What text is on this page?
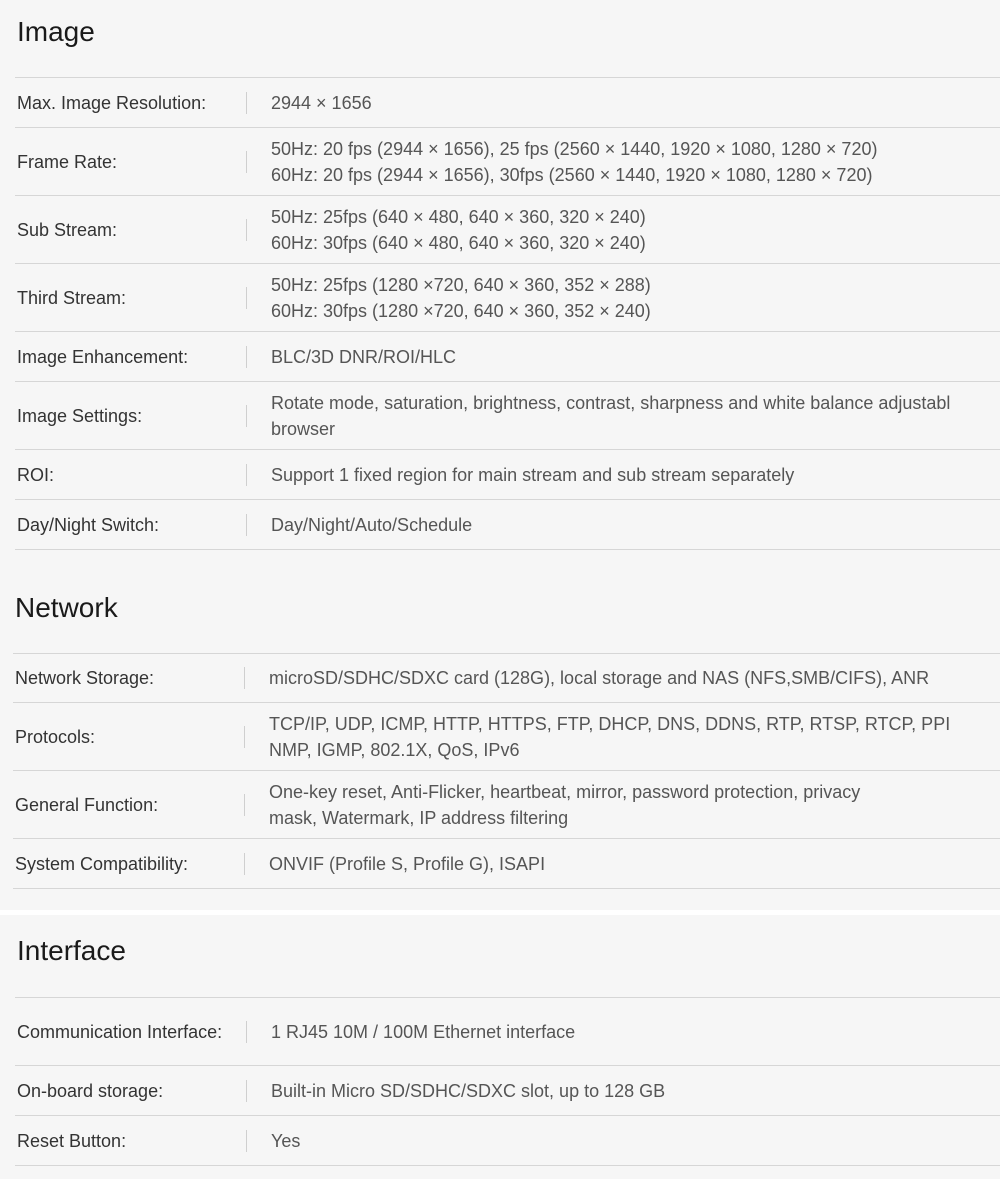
Image
Max. Image Resolution:	2944 × 1656
Frame Rate:
50Hz: 20 fps (2944 × 1656), 25 fps (2560 × 1440, 1920 × 1080, 1280 × 720)
60Hz: 20 fps (2944 × 1656), 30fps (2560 × 1440, 1920 × 1080, 1280 × 720)
Sub Stream:
50Hz: 25fps (640 × 480, 640 × 360, 320 × 240)
60Hz: 30fps (640 × 480, 640 × 360, 320 × 240)
Third Stream:
50Hz: 25fps (1280 ×720, 640 × 360, 352 × 288)
60Hz: 30fps (1280 ×720, 640 × 360, 352 × 240)
Image Enhancement:	BLC/3D DNR/ROI/HLC
Image Settings:
Rotate mode, saturation, brightness, contrast, sharpness and white balance adjustabl
browser
ROI:	Support 1 fixed region for main stream and sub stream separately
Day/Night Switch:	Day/Night/Auto/Schedule
Network
Network Storage:	microSD/SDHC/SDXC card (128G), local storage and NAS (NFS,SMB/CIFS), ANR
Protocols:
TCP/IP, UDP, ICMP, HTTP, HTTPS, FTP, DHCP, DNS, DDNS, RTP, RTSP, RTCP, PPI
NMP, IGMP, 802.1X, QoS, IPv6
General Function:
One-key reset, Anti-Flicker, heartbeat, mirror, password protection, privacy
mask, Watermark, IP address filtering
System Compatibility:	ONVIF (Profile S, Profile G), ISAPI
Interface
Communication Interface:	1 RJ45 10M / 100M Ethernet interface
On-board storage:	Built-in Micro SD/SDHC/SDXC slot, up to 128 GB
Reset Button:	Yes
